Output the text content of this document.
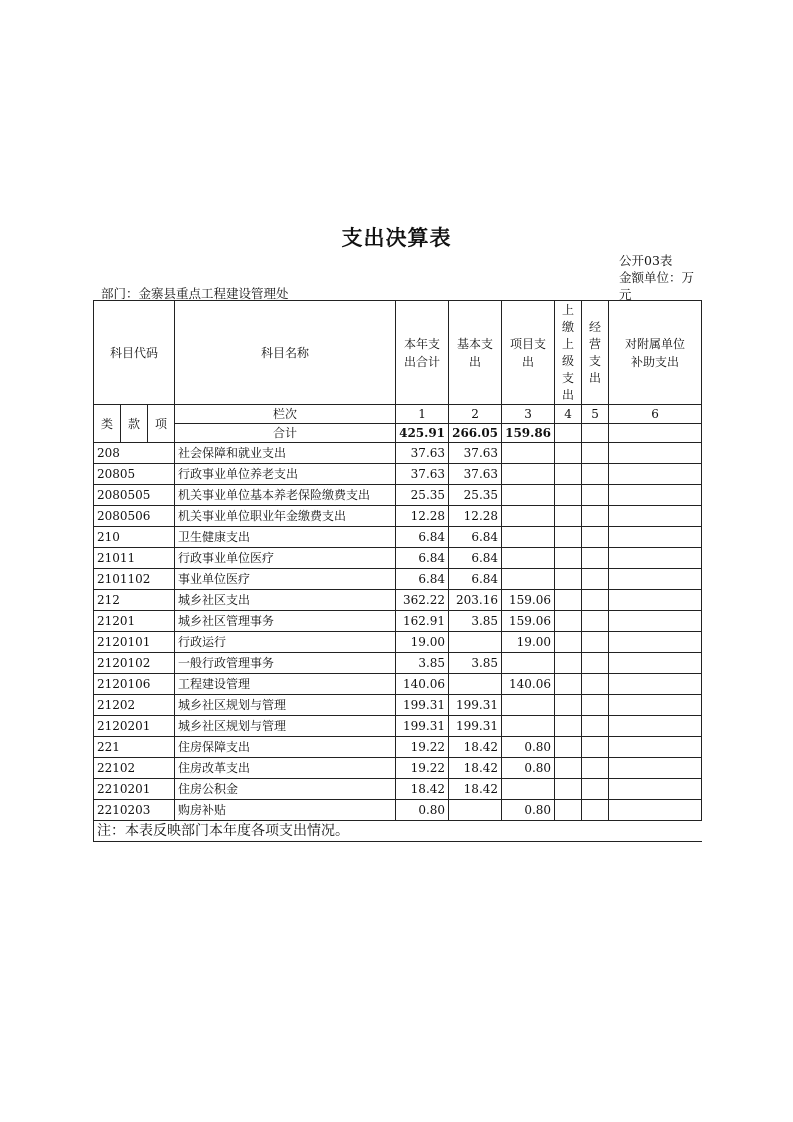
支出决算表
公开03表
金额单位：万元
部门：金寨县重点工程建设管理处
科目代码			科目名称	本年支出合计	基本支出	项目支出	上缴上级支出	经营支出	对附属单位补助支出
类	款	项	栏次	1	2	3	4	5	6
			合计	425.91	266.05	159.86			
208			社会保障和就业支出	37.63	37.63				
20805			行政事业单位养老支出	37.63	37.63				
2080505			机关事业单位基本养老保险缴费支出	25.35	25.35				
2080506			机关事业单位职业年金缴费支出	12.28	12.28				
210			卫生健康支出	6.84	6.84				
21011			行政事业单位医疗	6.84	6.84				
2101102			事业单位医疗	6.84	6.84				
212			城乡社区支出	362.22	203.16	159.06			
21201			城乡社区管理事务	162.91	3.85	159.06			
2120101			行政运行	19.00		19.00			
2120102			一般行政管理事务	3.85	3.85				
2120106			工程建设管理	140.06		140.06			
21202			城乡社区规划与管理	199.31	199.31				
2120201			城乡社区规划与管理	199.31	199.31				
221			住房保障支出	19.22	18.42	0.80			
22102			住房改革支出	19.22	18.42	0.80			
2210201			住房公积金	18.42	18.42				
2210203			购房补贴	0.80		0.80			
注：本表反映部门本年度各项支出情况。									
